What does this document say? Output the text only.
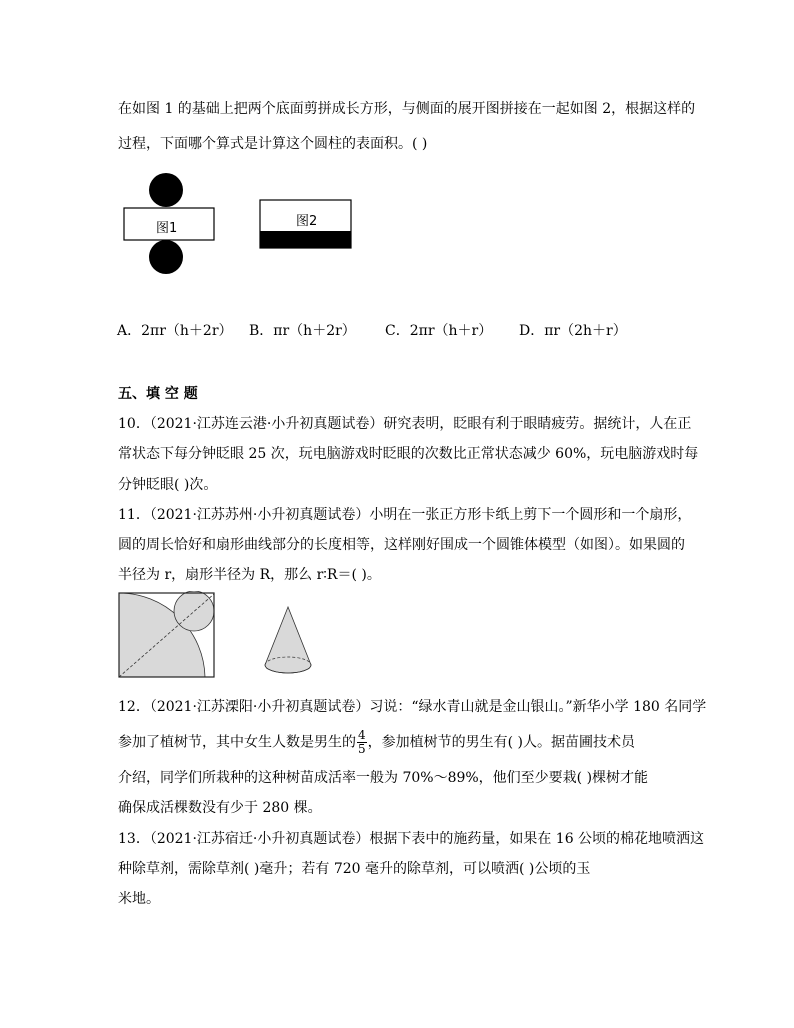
在如图 1 的基础上把两个底面剪拼成长方形，与侧面的展开图拼接在一起如图 2，根据这样的
过程，下面哪个算式是计算这个圆柱的表面积。( )
图1	图2
A．2πr（h＋2r） B．πr（h＋2r） C．2πr（h＋r） D．πr（2h＋r）
五、填 空 题
10．（2021·江苏连云港·小升初真题试卷）研究表明，眨眼有利于眼睛疲劳。据统计，人在正
常状态下每分钟眨眼 25 次，玩电脑游戏时眨眼的次数比正常状态减少 60%，玩电脑游戏时每
分钟眨眼( )次。
11．（2021·江苏苏州·小升初真题试卷）小明在一张正方形卡纸上剪下一个圆形和一个扇形，
圆的周长恰好和扇形曲线部分的长度相等，这样刚好围成一个圆锥体模型（如图）。如果圆的
半径为 r，扇形半径为 R，那么 r∶R＝( )。
12．（2021·江苏溧阳·小升初真题试卷）习说：“绿水青山就是金山银山。”新华小学 180 名同学
参加了植树节，其中女生人数是男生的 $\frac{4}{5}$ ，参加植树节的男生有( )人。据苗圃技术员
介绍，同学们所栽种的这种树苗成活率一般为 70%～89%，他们至少要栽( )棵树才能
确保成活棵数没有少于 280 棵。
13．（2021·江苏宿迁·小升初真题试卷）根据下表中的施药量，如果在 16 公顷的棉花地喷洒这
种除草剂，需除草剂( )毫升；若有 720 毫升的除草剂，可以喷洒( )公顷的玉
米地。
